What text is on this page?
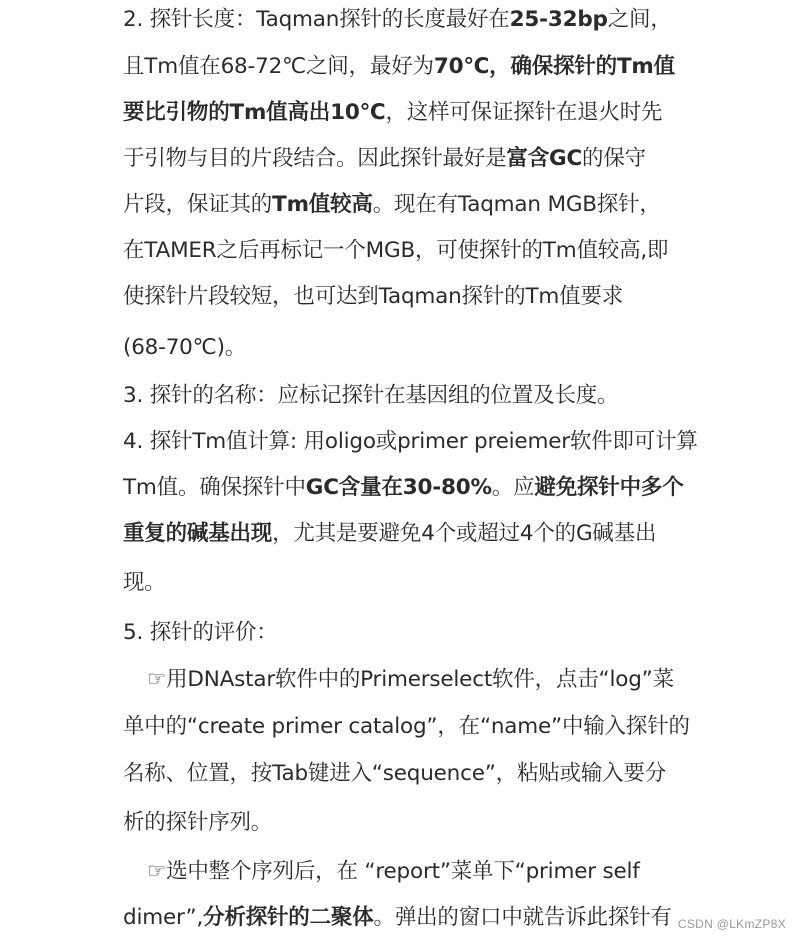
2. 探针长度：Taqman探针的长度最好在25-32bp之间，
且Tm值在68-72℃之间，最好为70℃，确保探针的Tm值
要比引物的Tm值高出10℃，这样可保证探针在退火时先
于引物与目的片段结合。因此探针最好是富含GC的保守
片段，保证其的Tm值较高。现在有Taqman MGB探针，
在TAMER之后再标记一个MGB，可使探针的Tm值较高,即
使探针片段较短，也可达到Taqman探针的Tm值要求
(68-70℃)。
3. 探针的名称：应标记探针在基因组的位置及长度。
4. 探针Tm值计算: 用oligo或primer preiemer软件即可计算
Tm值。确保探针中GC含量在30-80%。应避免探针中多个
重复的碱基出现，尤其是要避免4个或超过4个的G碱基出
现。
5. 探针的评价：
☞用DNAstar软件中的Primerselect软件，点击“log”菜
单中的“create primer catalog”，在“name”中输入探针的
名称、位置，按Tab键进入“sequence”，粘贴或输入要分
析的探针序列。
☞选中整个序列后，在 “report”菜单下“primer self
dimer”,分析探针的二聚体。弹出的窗口中就告诉此探针有 CSDN @LKmZP8X
